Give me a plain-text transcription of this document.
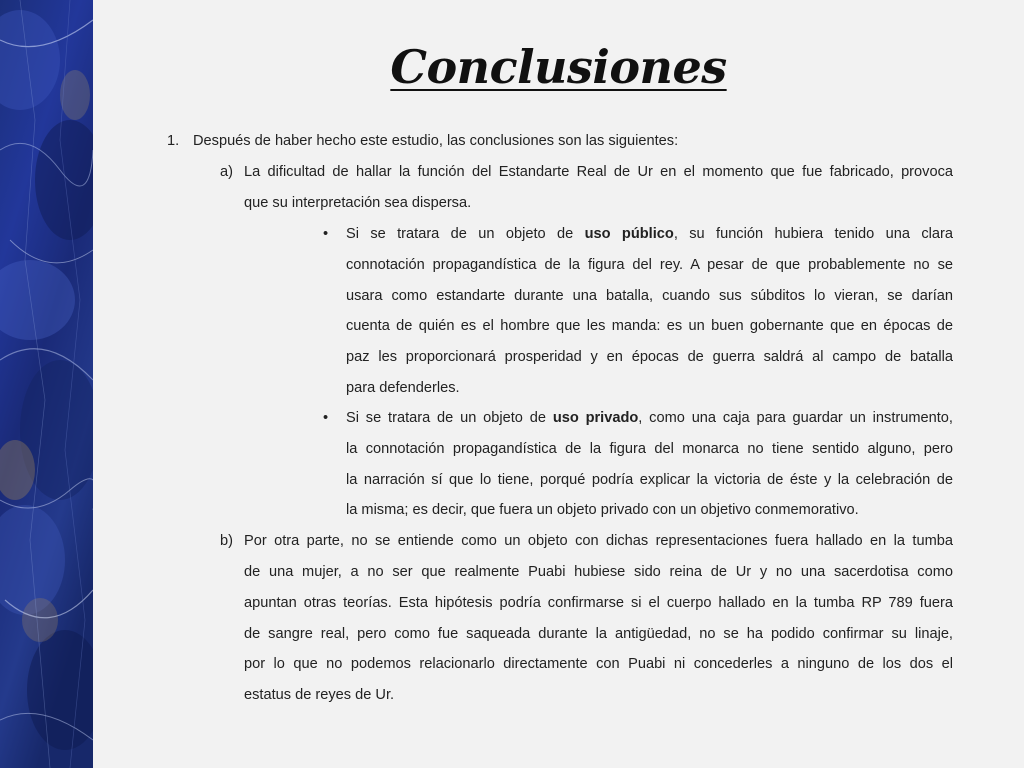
Conclusiones
1. Después de haber hecho este estudio, las conclusiones son las siguientes:
a) La dificultad de hallar la función del Estandarte Real de Ur en el momento que fue fabricado, provoca
que su interpretación sea dispersa.
• Si se tratara de un objeto de uso público, su función hubiera tenido una clara
connotación propagandística de la figura del rey. A pesar de que probablemente no se
usara como estandarte durante una batalla, cuando sus súbditos lo vieran, se darían
cuenta de quién es el hombre que les manda: es un buen gobernante que en épocas de
paz les proporcionará prosperidad y en épocas de guerra saldrá al campo de batalla
para defenderles.
• Si se tratara de un objeto de uso privado, como una caja para guardar un instrumento,
la connotación propagandística de la figura del monarca no tiene sentido alguno, pero
la narración sí que lo tiene, porqué podría explicar la victoria de éste y la celebración de
la misma; es decir, que fuera un objeto privado con un objetivo conmemorativo.
b) Por otra parte, no se entiende como un objeto con dichas representaciones fuera hallado en la tumba
de una mujer, a no ser que realmente Puabi hubiese sido reina de Ur y no una sacerdotisa como
apuntan otras teorías. Esta hipótesis podría confirmarse si el cuerpo hallado en la tumba RP 789 fuera
de sangre real, pero como fue saqueada durante la antigüedad, no se ha podido confirmar su linaje,
por lo que no podemos relacionarlo directamente con Puabi ni concederles a ninguno de los dos el
estatus de reyes de Ur.
